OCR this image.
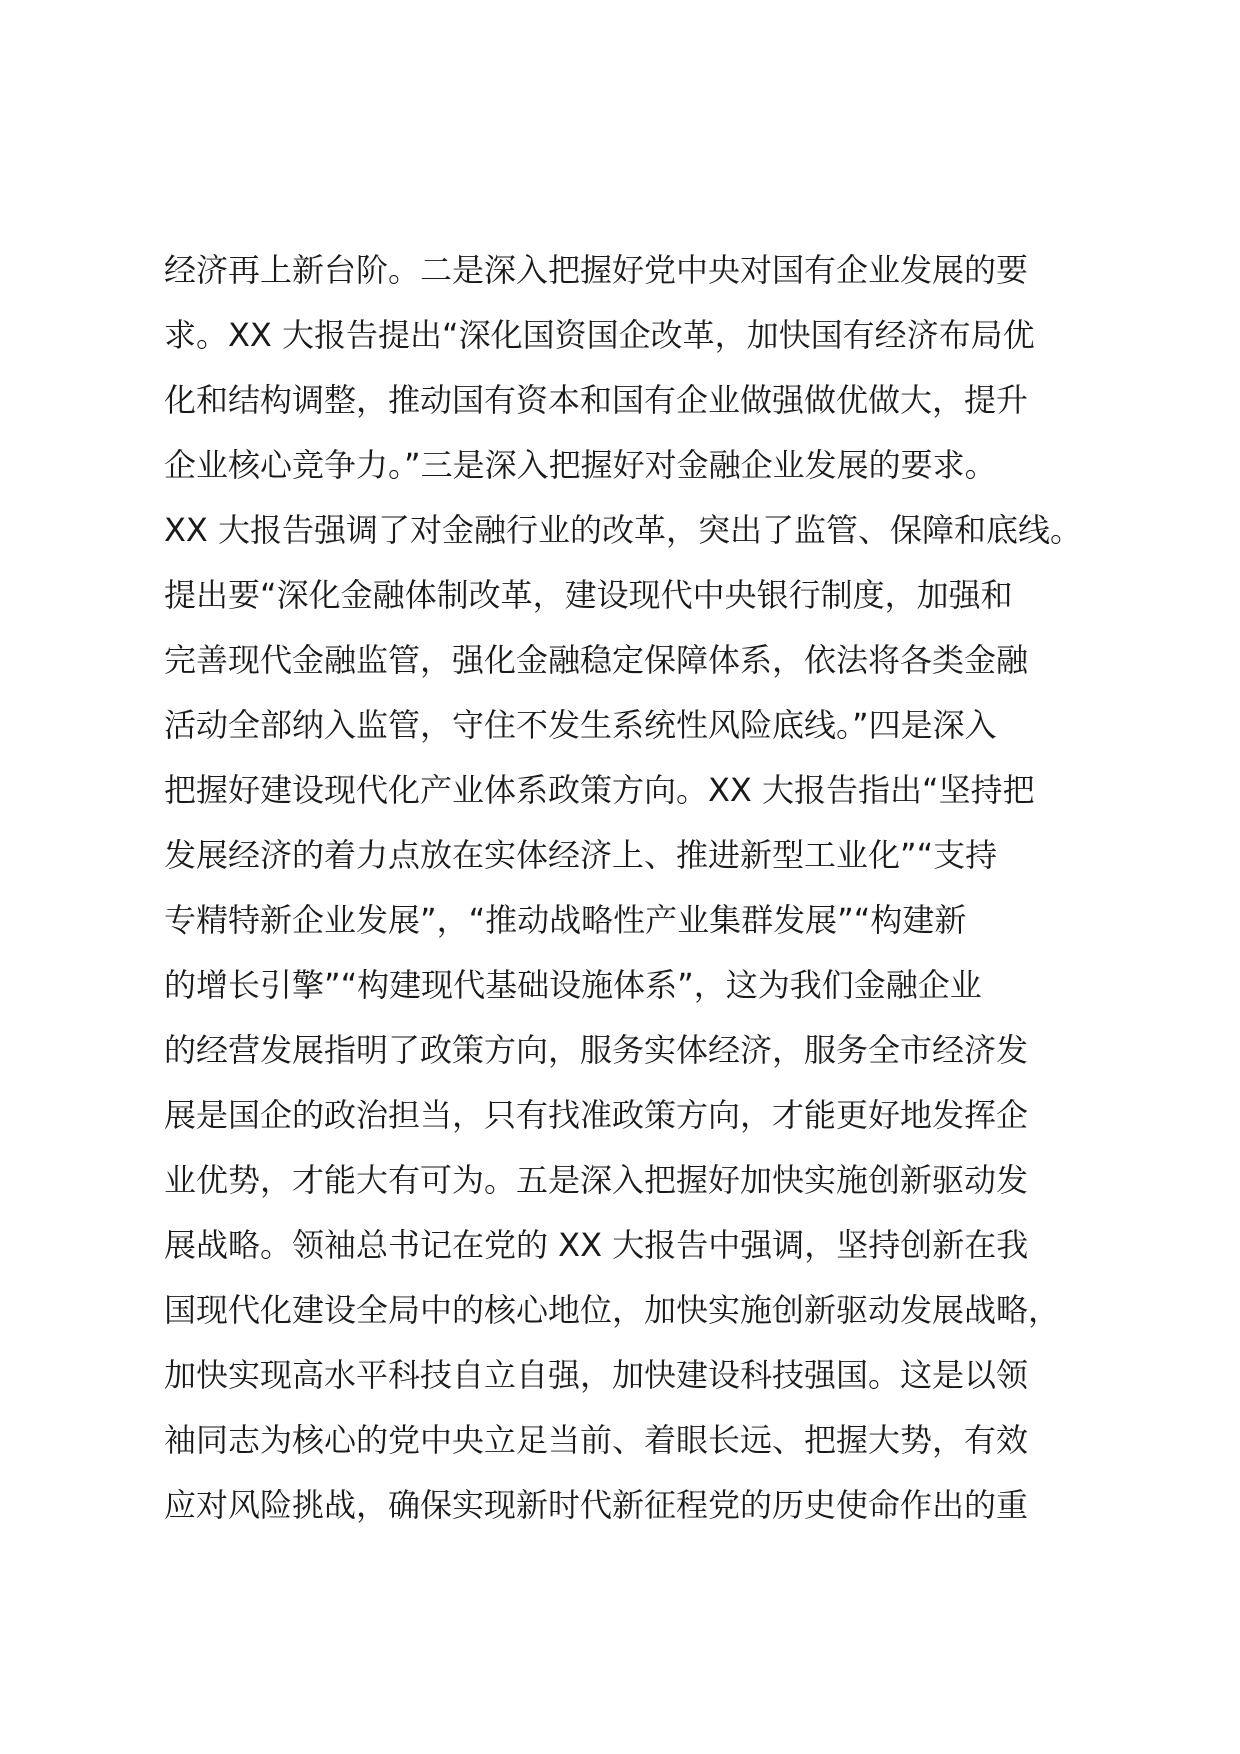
经济再上新台阶。二是深入把握好党中央对国有企业发展的要
求。XX 大报告提出“深化国资国企改革，加快国有经济布局优
化和结构调整，推动国有资本和国有企业做强做优做大，提升
企业核心竞争力。”三是深入把握好对金融企业发展的要求。
XX 大报告强调了对金融行业的改革，突出了监管、保障和底线。
提出要“深化金融体制改革，建设现代中央银行制度，加强和
完善现代金融监管，强化金融稳定保障体系，依法将各类金融
活动全部纳入监管，守住不发生系统性风险底线。”四是深入
把握好建设现代化产业体系政策方向。XX 大报告指出“坚持把
发展经济的着力点放在实体经济上、推进新型工业化”“支持
专精特新企业发展”，“推动战略性产业集群发展”“构建新
的增长引擎”“构建现代基础设施体系”，这为我们金融企业
的经营发展指明了政策方向，服务实体经济，服务全市经济发
展是国企的政治担当，只有找准政策方向，才能更好地发挥企
业优势，才能大有可为。五是深入把握好加快实施创新驱动发
展战略。领袖总书记在党的 XX 大报告中强调，坚持创新在我
国现代化建设全局中的核心地位，加快实施创新驱动发展战略，
加快实现高水平科技自立自强，加快建设科技强国。这是以领
袖同志为核心的党中央立足当前、着眼长远、把握大势，有效
应对风险挑战，确保实现新时代新征程党的历史使命作出的重
